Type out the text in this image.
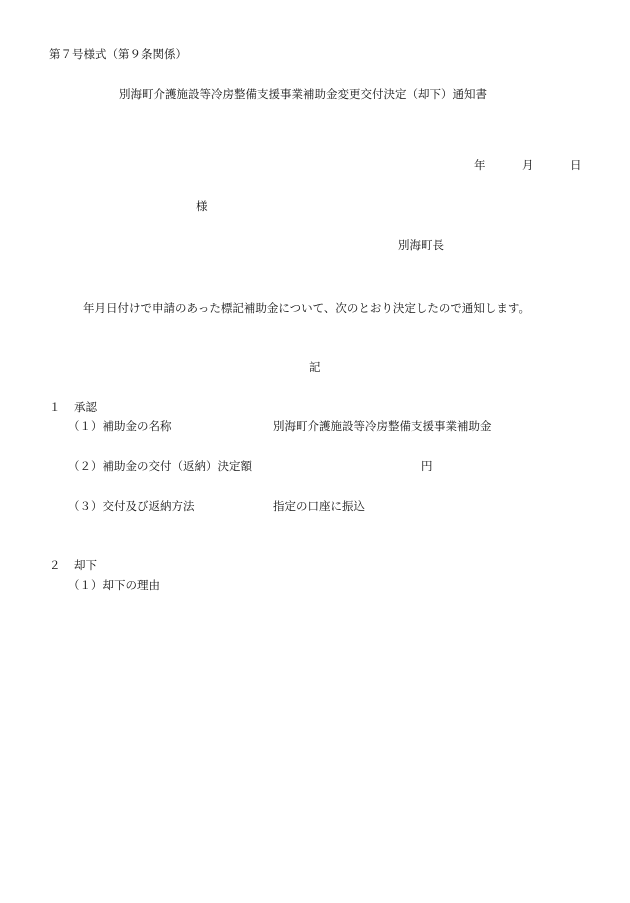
第７号様式（第９条関係）
別海町介護施設等冷房整備支援事業補助金変更交付決定（却下）通知書
年	月	日
様
別海町長
年月日付けで申請のあった標記補助金について、次のとおり決定したので通知します。
記
１ 承認
（１）補助金の名称	別海町介護施設等冷房整備支援事業補助金
（２）補助金の交付（返納）決定額	円
（３）交付及び返納方法	指定の口座に振込
２ 却下
（１）却下の理由
